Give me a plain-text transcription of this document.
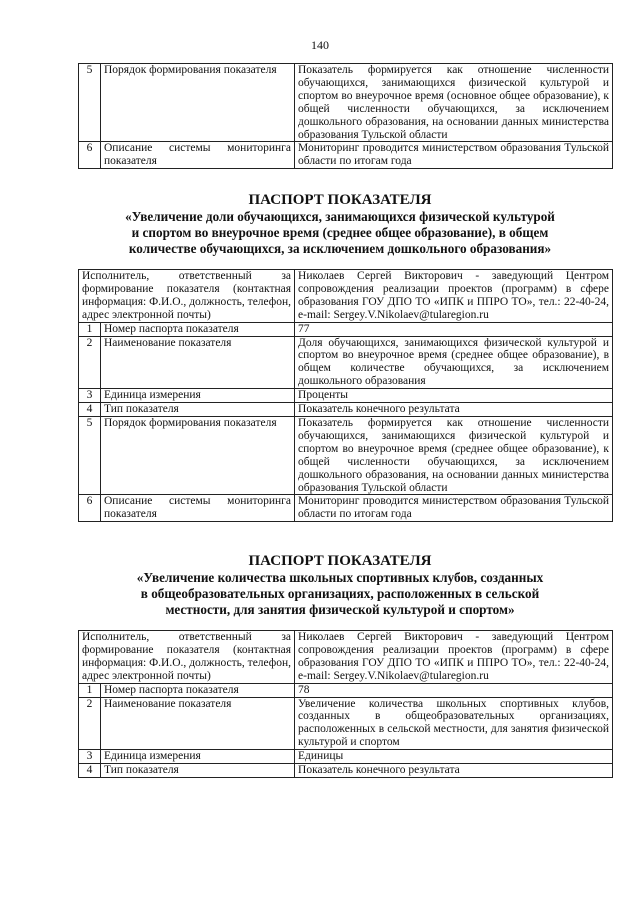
140
5	Порядок формирования показателя	Показатель формируется как отношение численности обучающихся, занимающихся физической культурой и спортом во внеурочное время (основное общее образование), к общей численности обучающихся, за исключением дошкольного образования, на основании данных министерства образования Тульской области
6	Описание системы мониторинга показателя	Мониторинг проводится министерством образования Тульской области по итогам года
ПАСПОРТ ПОКАЗАТЕЛЯ
«Увеличение доли обучающихся, занимающихся физической культурой
и спортом во внеурочное время (среднее общее образование), в общем
количестве обучающихся, за исключением дошкольного образования»
Исполнитель, ответственный за формирование показателя (контактная информация: Ф.И.О., должность, телефон, адрес электронной почты)		Николаев Сергей Викторович - заведующий Центром сопровождения реализации проектов (программ) в сфере образования ГОУ ДПО ТО «ИПК и ППРО ТО», тел.: 22-40-24, e-mail: Sergey.V.Nikolaev@tularegion.ru
1	Номер паспорта показателя	77
2	Наименование показателя	Доля обучающихся, занимающихся физической культурой и спортом во внеурочное время (среднее общее образование), в общем количестве обучающихся, за исключением дошкольного образования
3	Единица измерения	Проценты
4	Тип показателя	Показатель конечного результата
5	Порядок формирования показателя	Показатель формируется как отношение численности обучающихся, занимающихся физической культурой и спортом во внеурочное время (среднее общее образование), к общей численности обучающихся, за исключением дошкольного образования, на основании данных министерства образования Тульской области
6	Описание системы мониторинга показателя	Мониторинг проводится министерством образования Тульской области по итогам года
ПАСПОРТ ПОКАЗАТЕЛЯ
«Увеличение количества школьных спортивных клубов, созданных
в общеобразовательных организациях, расположенных в сельской
местности, для занятия физической культурой и спортом»
Исполнитель, ответственный за формирование показателя (контактная информация: Ф.И.О., должность, телефон, адрес электронной почты)		Николаев Сергей Викторович - заведующий Центром сопровождения реализации проектов (программ) в сфере образования ГОУ ДПО ТО «ИПК и ППРО ТО», тел.: 22-40-24, e-mail: Sergey.V.Nikolaev@tularegion.ru
1	Номер паспорта показателя	78
2	Наименование показателя	Увеличение количества школьных спортивных клубов, созданных в общеобразовательных организациях, расположенных в сельской местности, для занятия физической культурой и спортом
3	Единица измерения	Единицы
4	Тип показателя	Показатель конечного результата
